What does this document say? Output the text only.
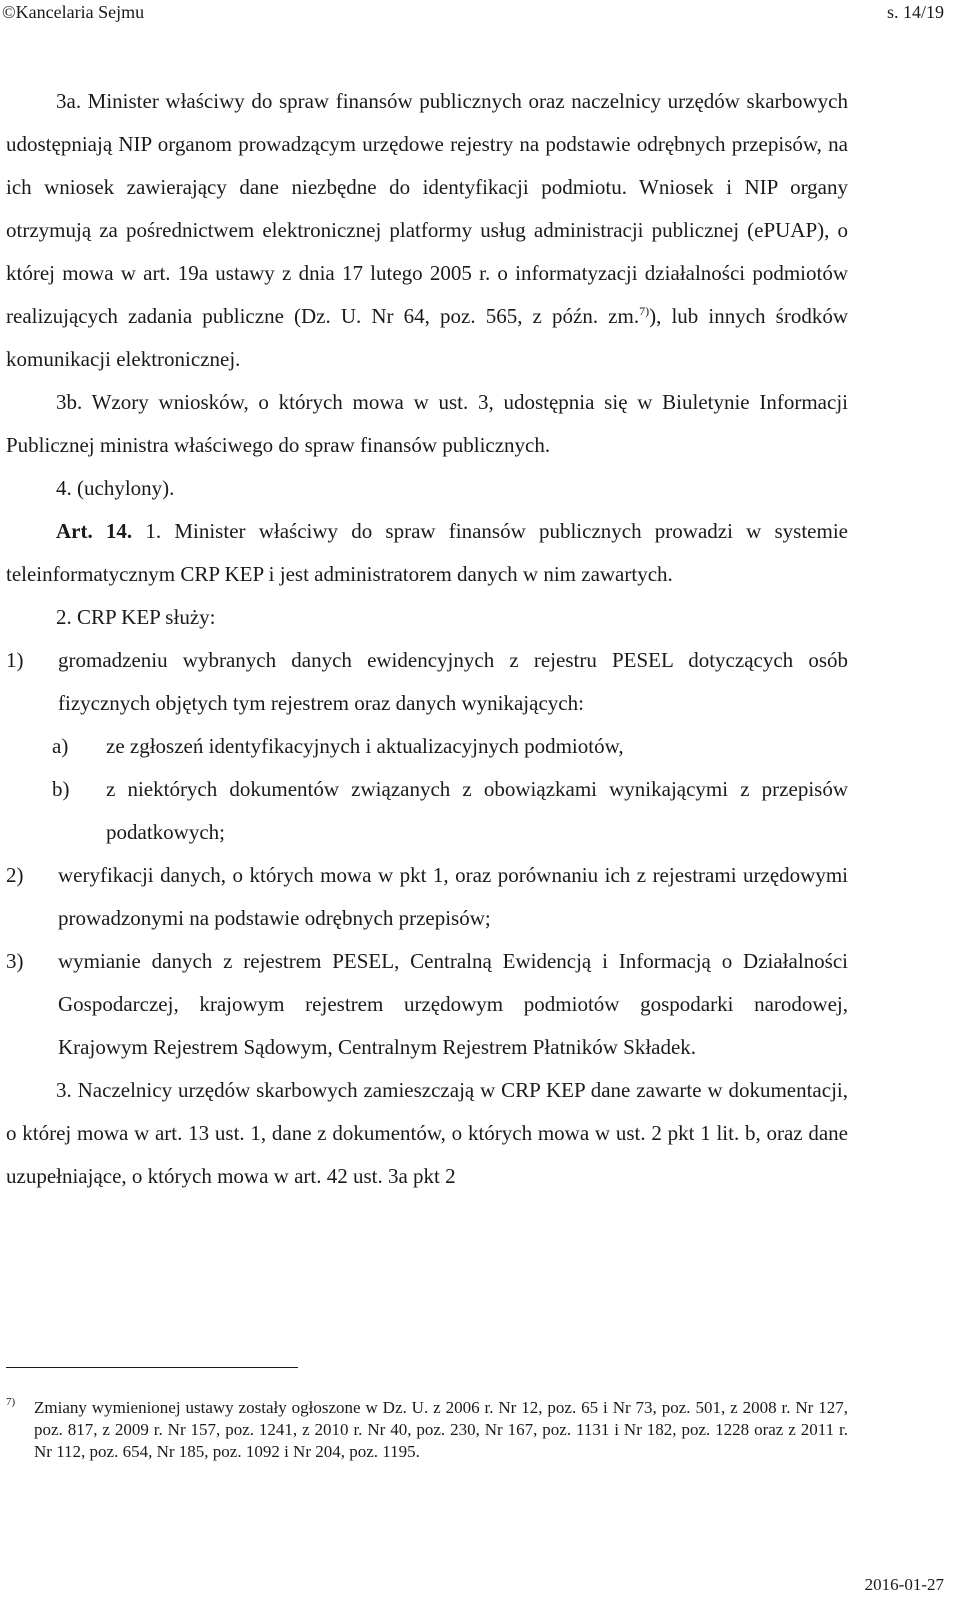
©Kancelaria Sejmu	s. 14/19

3a. Minister właściwy do spraw finansów publicznych oraz naczelnicy urzędów skarbowych udostępniają NIP organom prowadzącym urzędowe rejestry na podstawie odrębnych przepisów, na ich wniosek zawierający dane niezbędne do identyfikacji podmiotu. Wniosek i NIP organy otrzymują za pośrednictwem elektronicznej platformy usług administracji publicznej (ePUAP), o której mowa w art. 19a ustawy z dnia 17 lutego 2005 r. o informatyzacji działalności podmiotów realizujących zadania publiczne (Dz. U. Nr 64, poz. 565, z późn. zm.$^{7)}$), lub innych środków komunikacji elektronicznej.

3b. Wzory wniosków, o których mowa w ust. 3, udostępnia się w Biuletynie Informacji Publicznej ministra właściwego do spraw finansów publicznych.

4. (uchylony).

Art. 14. 1. Minister właściwy do spraw finansów publicznych prowadzi w systemie teleinformatycznym CRP KEP i jest administratorem danych w nim zawartych.

2. CRP KEP służy:

1) gromadzeniu wybranych danych ewidencyjnych z rejestru PESEL dotyczących osób fizycznych objętych tym rejestrem oraz danych wynikających:
a) ze zgłoszeń identyfikacyjnych i aktualizacyjnych podmiotów,
b) z niektórych dokumentów związanych z obowiązkami wynikającymi z przepisów podatkowych;
2) weryfikacji danych, o których mowa w pkt 1, oraz porównaniu ich z rejestrami urzędowymi prowadzonymi na podstawie odrębnych przepisów;
3) wymianie danych z rejestrem PESEL, Centralną Ewidencją i Informacją o Działalności Gospodarczej, krajowym rejestrem urzędowym podmiotów gospodarki narodowej, Krajowym Rejestrem Sądowym, Centralnym Rejestrem Płatników Składek.

3. Naczelnicy urzędów skarbowych zamieszczają w CRP KEP dane zawarte w dokumentacji, o której mowa w art. 13 ust. 1, dane z dokumentów, o których mowa w ust. 2 pkt 1 lit. b, oraz dane uzupełniające, o których mowa w art. 42 ust. 3a pkt 2

7) Zmiany wymienionej ustawy zostały ogłoszone w Dz. U. z 2006 r. Nr 12, poz. 65 i Nr 73, poz. 501, z 2008 r. Nr 127, poz. 817, z 2009 r. Nr 157, poz. 1241, z 2010 r. Nr 40, poz. 230, Nr 167, poz. 1131 i Nr 182, poz. 1228 oraz z 2011 r. Nr 112, poz. 654, Nr 185, poz. 1092 i Nr 204, poz. 1195.

2016-01-27
